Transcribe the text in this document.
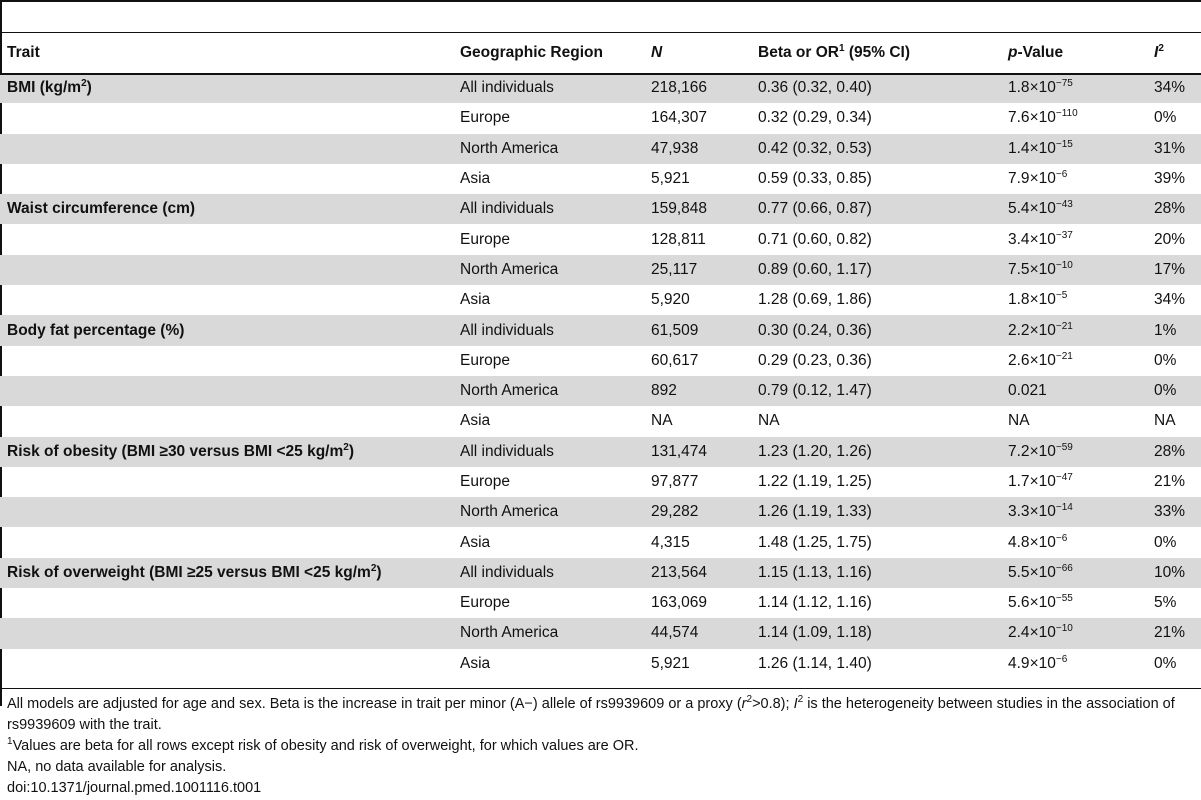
Trait	Geographic Region	N	Beta or $OR^1$ (95% CI)	p-Value	$I^2$
BMI $(kg/m^2)$	All individuals	218,166	0.36 (0.32, 0.40)	$1.8\times 10^{-75}$	34%
	Europe	164,307	0.32 (0.29, 0.34)	$7.6\times 10^{-110}$	0%
	North America	47,938	0.42 (0.32, 0.53)	$1.4\times 10^{-15}$	31%
	Asia	5,921	0.59 (0.33, 0.85)	$7.9\times 10^{-6}$	39%
Waist circumference (cm)	All individuals	159,848	0.77 (0.66, 0.87)	$5.4\times 10^{-43}$	28%
	Europe	128,811	0.71 (0.60, 0.82)	$3.4\times 10^{-37}$	20%
	North America	25,117	0.89 (0.60, 1.17)	$7.5\times 10^{-10}$	17%
	Asia	5,920	1.28 (0.69, 1.86)	$1.8\times 10^{-5}$	34%
Body fat percentage (%)	All individuals	61,509	0.30 (0.24, 0.36)	$2.2\times 10^{-21}$	1%
	Europe	60,617	0.29 (0.23, 0.36)	$2.6\times 10^{-21}$	0%
	North America	892	0.79 (0.12, 1.47)	0.021	0%
	Asia	NA	NA	NA	NA
Risk of obesity (BMI ≥30 versus BMI <25 $kg/m^2$)	All individuals	131,474	1.23 (1.20, 1.26)	$7.2\times 10^{-59}$	28%
	Europe	97,877	1.22 (1.19, 1.25)	$1.7\times 10^{-47}$	21%
	North America	29,282	1.26 (1.19, 1.33)	$3.3\times 10^{-14}$	33%
	Asia	4,315	1.48 (1.25, 1.75)	$4.8\times 10^{-6}$	0%
Risk of overweight (BMI ≥25 versus BMI <25 $kg/m^2$)	All individuals	213,564	1.15 (1.13, 1.16)	$5.5\times 10^{-66}$	10%
	Europe	163,069	1.14 (1.12, 1.16)	$5.6\times 10^{-55}$	5%
	North America	44,574	1.14 (1.09, 1.18)	$2.4\times 10^{-10}$	21%
	Asia	5,921	1.26 (1.14, 1.40)	$4.9\times 10^{-6}$	0%

All models are adjusted for age and sex. Beta is the increase in trait per minor (A−) allele of rs9939609 or a proxy $(r^2>0.8)$; $I^2$ is the heterogeneity between studies in the association of rs9939609 with the trait.

$^1$Values are beta for all rows except risk of obesity and risk of overweight, for which values are OR.

NA, no data available for analysis.

doi:10.1371/journal.pmed.1001116.t001
